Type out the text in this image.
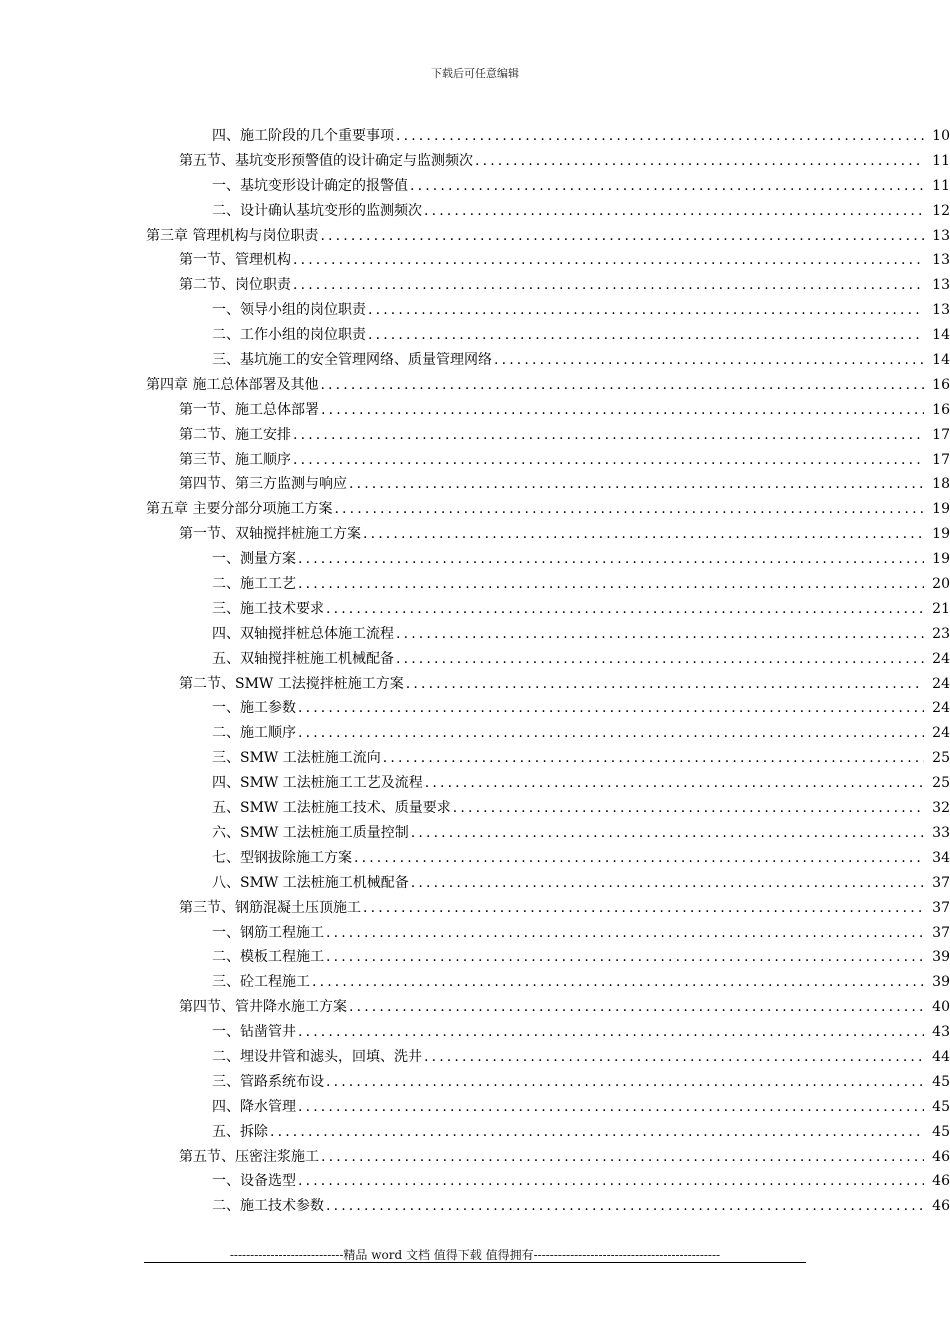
下载后可任意编辑
四、施工阶段的几个重要事项 . . .	10
第五节、基坑变形预警值的设计确定与监测频次 . . .	11
一、基坑变形设计确定的报警值 . . .	11
二、设计确认基坑变形的监测频次 . . .	12
第三章 管理机构与岗位职责 . . .	13
第一节、管理机构 . . .	13
第二节、岗位职责 . . .	13
一、领导小组的岗位职责 . . .	13
二、工作小组的岗位职责 . . .	14
三、基坑施工的安全管理网络、质量管理网络 . . .	14
第四章 施工总体部署及其他 . . .	16
第一节、施工总体部署 . . .	16
第二节、施工安排 . . .	17
第三节、施工顺序 . . .	17
第四节、第三方监测与响应 . . .	18
第五章 主要分部分项施工方案 . . .	19
第一节、双轴搅拌桩施工方案 . . .	19
一、测量方案 . . .	19
二、施工工艺 . . .	20
三、施工技术要求 . . .	21
四、双轴搅拌桩总体施工流程 . . .	23
五、双轴搅拌桩施工机械配备 . . .	24
第二节、SMW 工法搅拌桩施工方案 . . .	24
一、施工参数 . . .	24
二、施工顺序 . . .	24
三、SMW 工法桩施工流向 . . .	25
四、SMW 工法桩施工工艺及流程 . . .	25
五、SMW 工法桩施工技术、质量要求 . . .	32
六、SMW 工法桩施工质量控制 . . .	33
七、型钢拔除施工方案 . . .	34
八、SMW 工法桩施工机械配备 . . .	37
第三节、钢筋混凝土压顶施工 . . .	37
一、钢筋工程施工 . . .	37
二、模板工程施工 . . .	39
三、砼工程施工 . . .	39
第四节、管井降水施工方案 . . .	40
一、钻凿管井 . . .	43
二、埋设井管和滤头，回填、洗井 . . .	44
三、管路系统布设 . . .	45
四、降水管理 . . .	45
五、拆除 . . .	45
第五节、压密注浆施工 . . .	46
一、设备选型 . . .	46
二、施工技术参数 . . .	46
----------------------------精品 word 文档 值得下载 值得拥有----------------------------------------------
